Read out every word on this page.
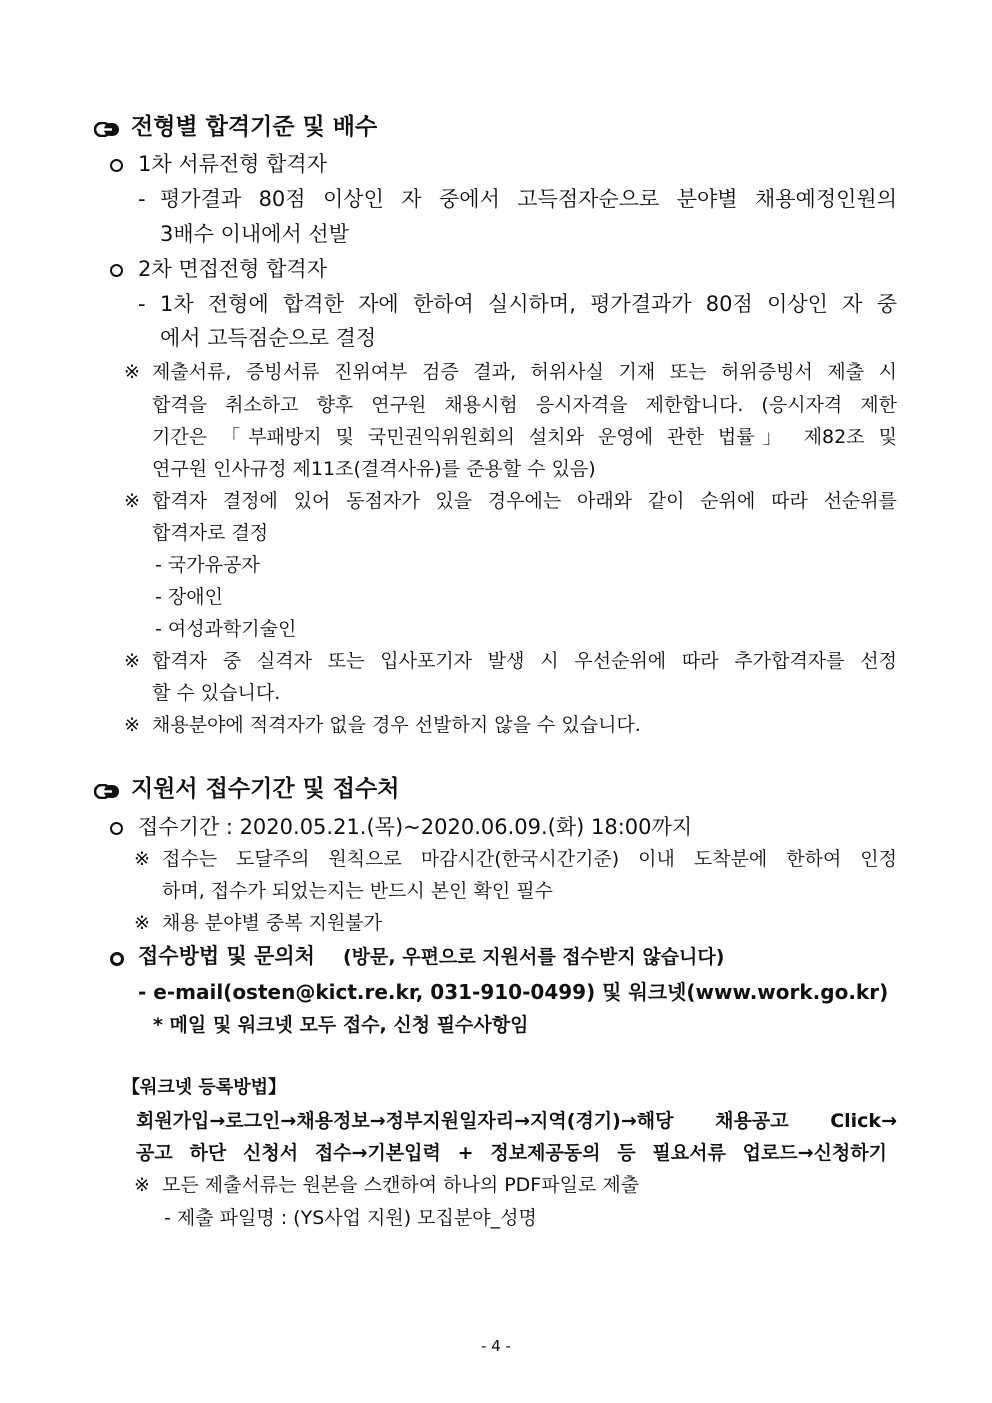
전형별 합격기준 및 배수
1차 서류전형 합격자
- 평가결과 80점 이상인 자 중에서 고득점자순으로 분야별 채용예정인원의
3배수 이내에서 선발
2차 면접전형 합격자
- 1차 전형에 합격한 자에 한하여 실시하며, 평가결과가 80점 이상인 자 중
에서 고득점순으로 결정
※ 제출서류, 증빙서류 진위여부 검증 결과, 허위사실 기재 또는 허위증빙서 제출 시
합격을 취소하고 향후 연구원 채용시험 응시자격을 제한합니다. (응시자격 제한
기간은 「부패방지 및 국민권익위원회의 설치와 운영에 관한 법률」 제82조 및
연구원 인사규정 제11조(결격사유)를 준용할 수 있음)
※ 합격자 결정에 있어 동점자가 있을 경우에는 아래와 같이 순위에 따라 선순위를
합격자로 결정
- 국가유공자
- 장애인
- 여성과학기술인
※ 합격자 중 실격자 또는 입사포기자 발생 시 우선순위에 따라 추가합격자를 선정
할 수 있습니다.
※ 채용분야에 적격자가 없을 경우 선발하지 않을 수 있습니다.
지원서 접수기간 및 접수처
접수기간 : 2020.05.21.(목)~2020.06.09.(화) 18:00까지
※ 접수는 도달주의 원칙으로 마감시간(한국시간기준) 이내 도착분에 한하여 인정
하며, 접수가 되었는지는 반드시 본인 확인 필수
※ 채용 분야별 중복 지원불가
접수방법 및 문의처 (방문, 우편으로 지원서를 접수받지 않습니다)
- e-mail(osten@kict.re.kr, 031-910-0499) 및 워크넷(www.work.go.kr)
* 메일 및 워크넷 모두 접수, 신청 필수사항임
【워크넷 등록방법】
회원가입→로그인→채용정보→정부지원일자리→지역(경기)→해당 채용공고 Click→
공고 하단 신청서 접수→기본입력 + 정보제공동의 등 필요서류 업로드→신청하기
※ 모든 제출서류는 원본을 스캔하여 하나의 PDF파일로 제출
- 제출 파일명 : (YS사업 지원) 모집분야_성명
- 4 -
